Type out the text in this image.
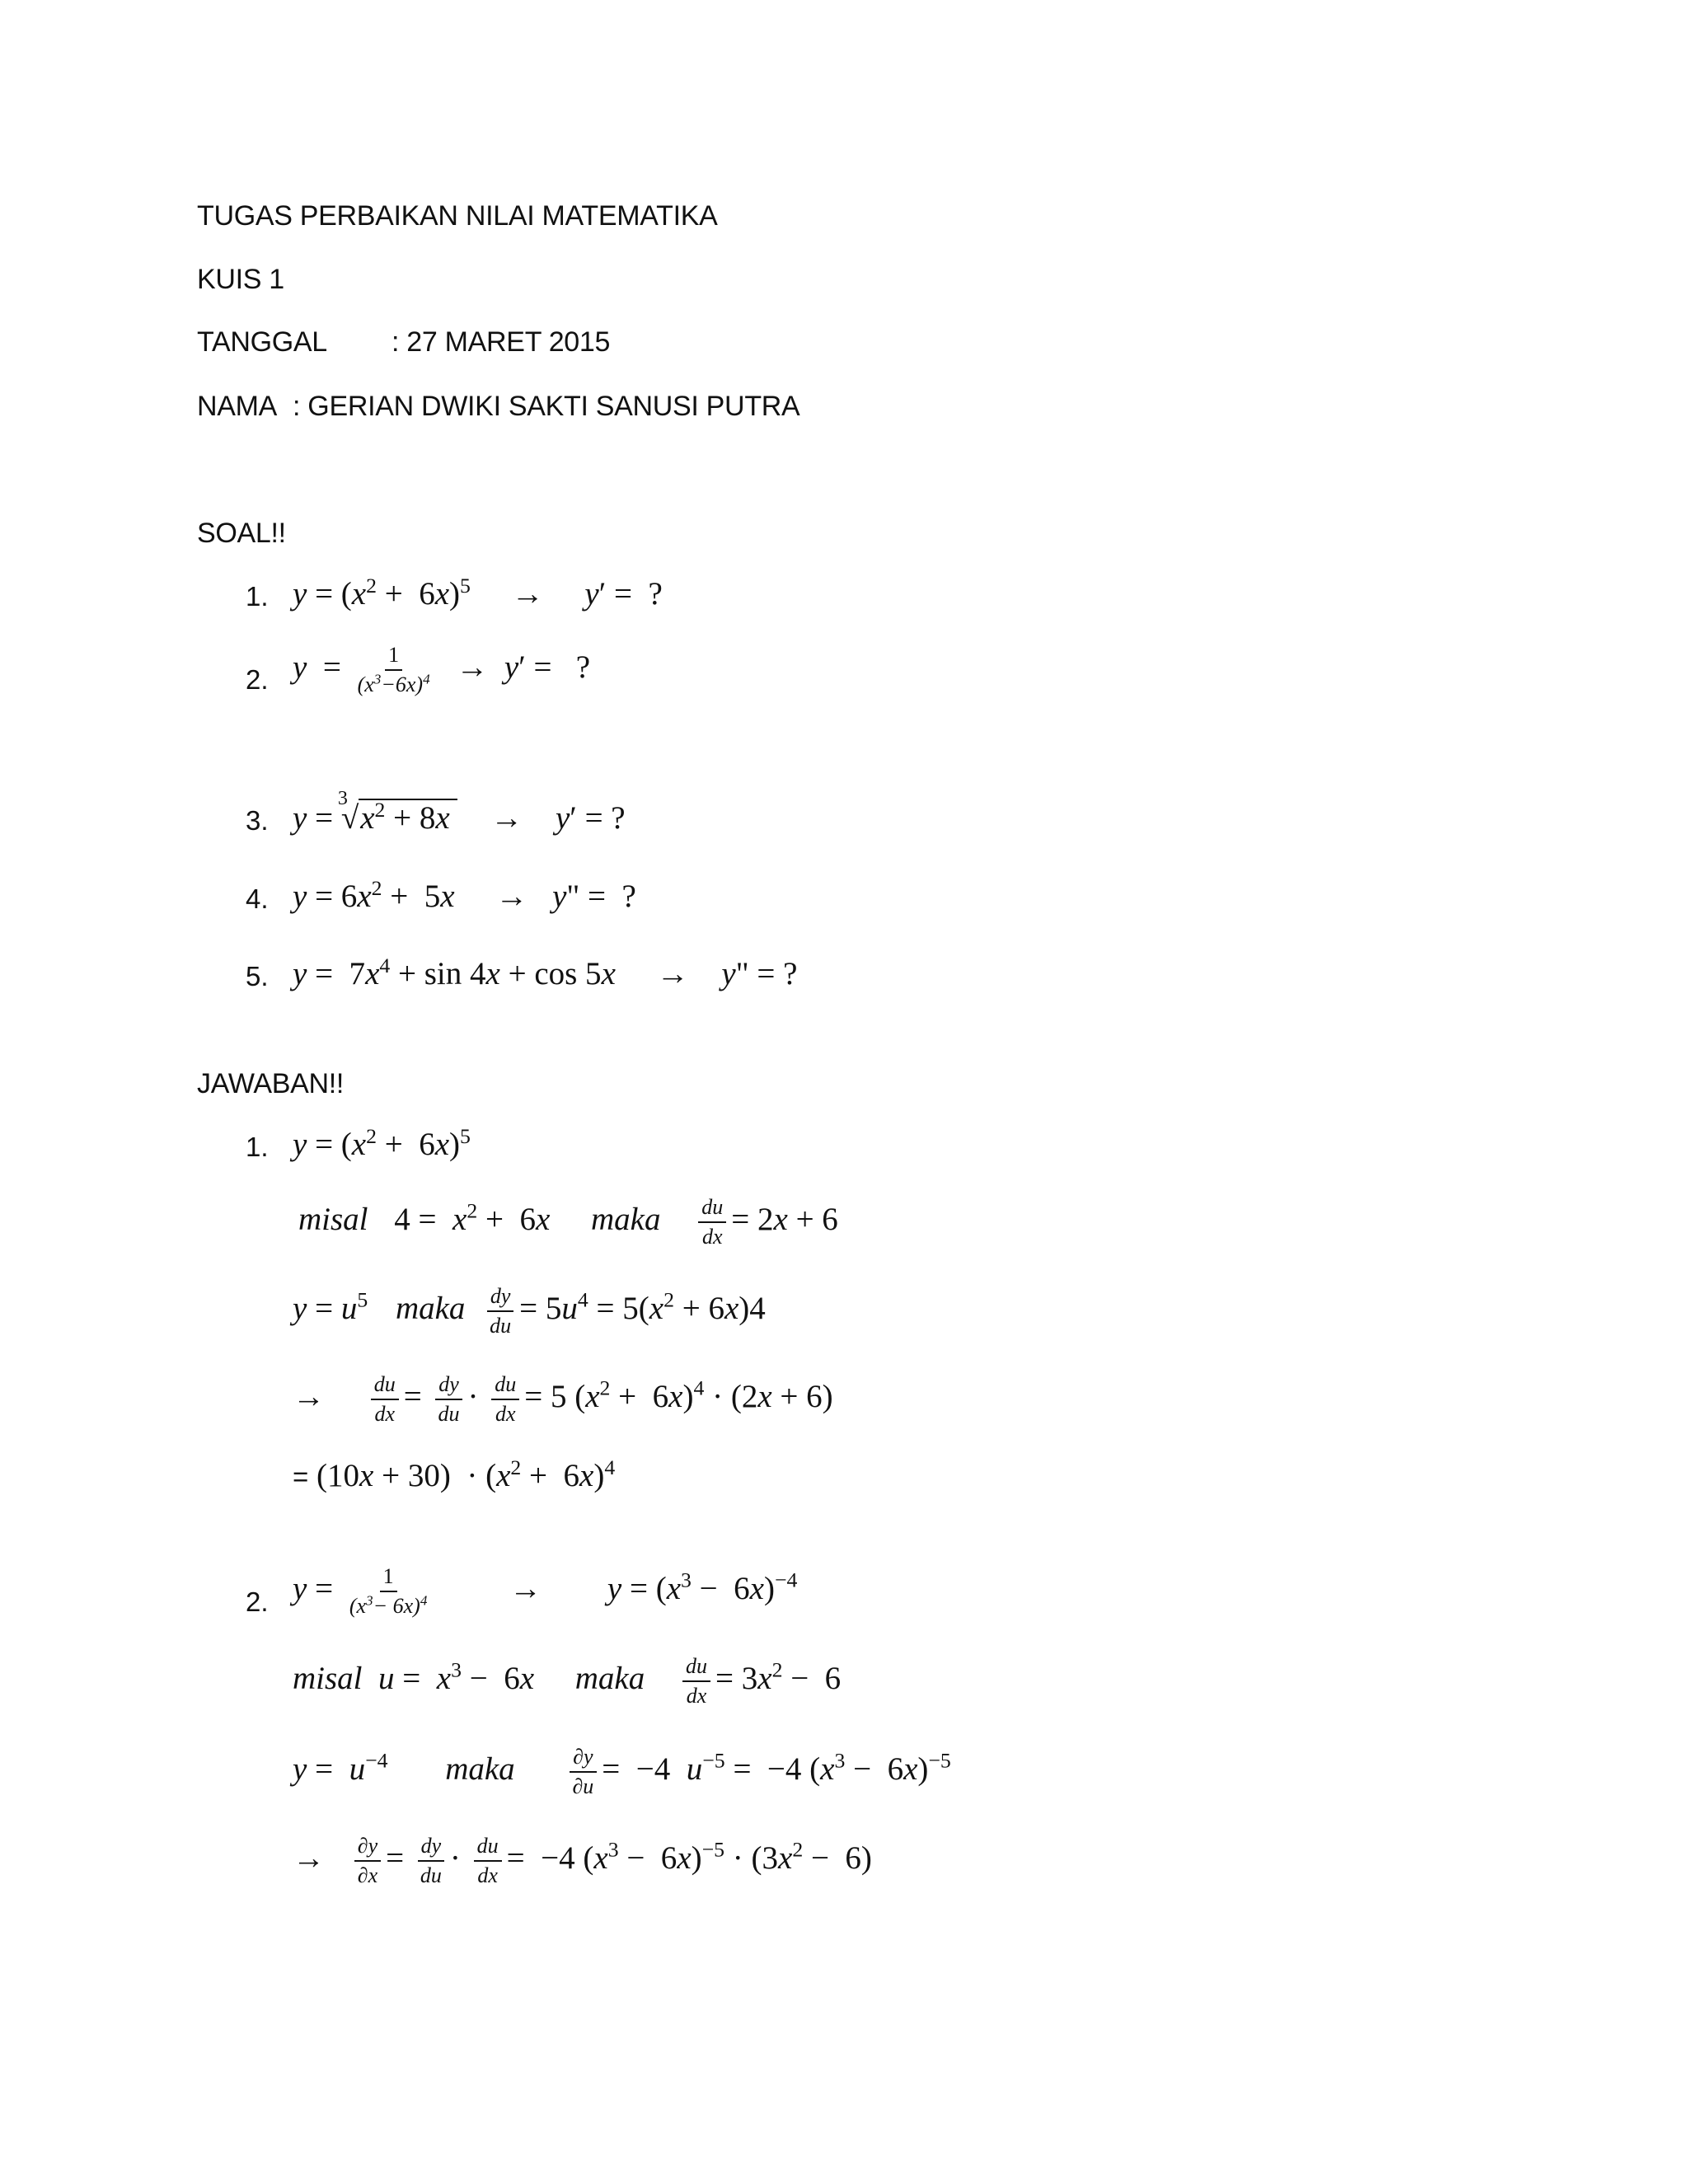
TUGAS PERBAIKAN NILAI MATEMATIKA
KUIS 1
TANGGAL : 27 MARET 2015
NAMA : GERIAN DWIKI SAKTI SANUSI PUTRA
SOAL!!
1. $y = (x^2 + 6x)^5 \to y'$ =  ?
2. $y = \frac{1}{(x^3-6x)^4} \to y'$ =   ?
3. y =
3
$√x^2 + 8x \to y'$ = ?
4. $y = 6x^2 + 5x \to y$" =  ?
5. $y = 7x^4 + \sin 4x + \cos 5x \to y$" = ?
JAWABAN!!
1. $y = (x^2 + 6x)^5$
misal $4 = x^2 + 6x$ maka $\frac{du}{dx} = 2x + 6$
$y = u^5$ maka $\frac{dy}{du} = 5u^4 = 5(x^2 + 6x)4$
→ $\frac{du}{dx} = \frac{dy}{du} \cdot \frac{du}{dx} = 5$ $(x^2 + 6x)^4 \cdot (2x + 6)$
= $(10x + 30) \cdot (x^2 + 6x)^4$
2. $y = \frac{1}{(x^3- 6x)^4} \to y = (x^3 - 6x)^{-4}$
misal $u = x^3 - 6x$ maka $\frac{du}{dx} = 3x^2 - 6$
$y = u^{-4}$ maka	$\frac{\partial y}{\partial u} = -4$  $u^{-5} = -4$ $(x^3 - 6x)^{-5}$
→ $\frac{\partial y}{\partial x} = \frac{dy}{du} \cdot \frac{du}{dx} = -4$ $(x^3 - 6x)^{-5} \cdot (3x^2 - 6)$
